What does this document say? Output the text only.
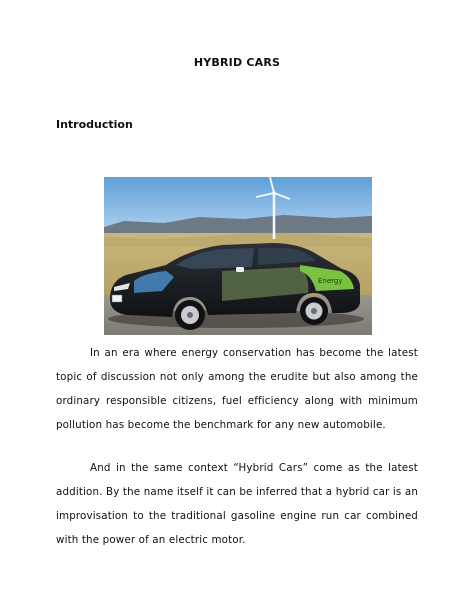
HYBRID CARS
Introduction
Energy

In an era where energy conservation has become the latest topic of discussion not only among the erudite but also among the ordinary responsible citizens, fuel efficiency along with minimum pollution has become the benchmark for any new automobile.

And in the same context “Hybrid Cars” come as the latest addition. By the name itself it can be inferred that a hybrid car is an improvisation to the traditional gasoline engine run car combined with the power of an electric motor.
